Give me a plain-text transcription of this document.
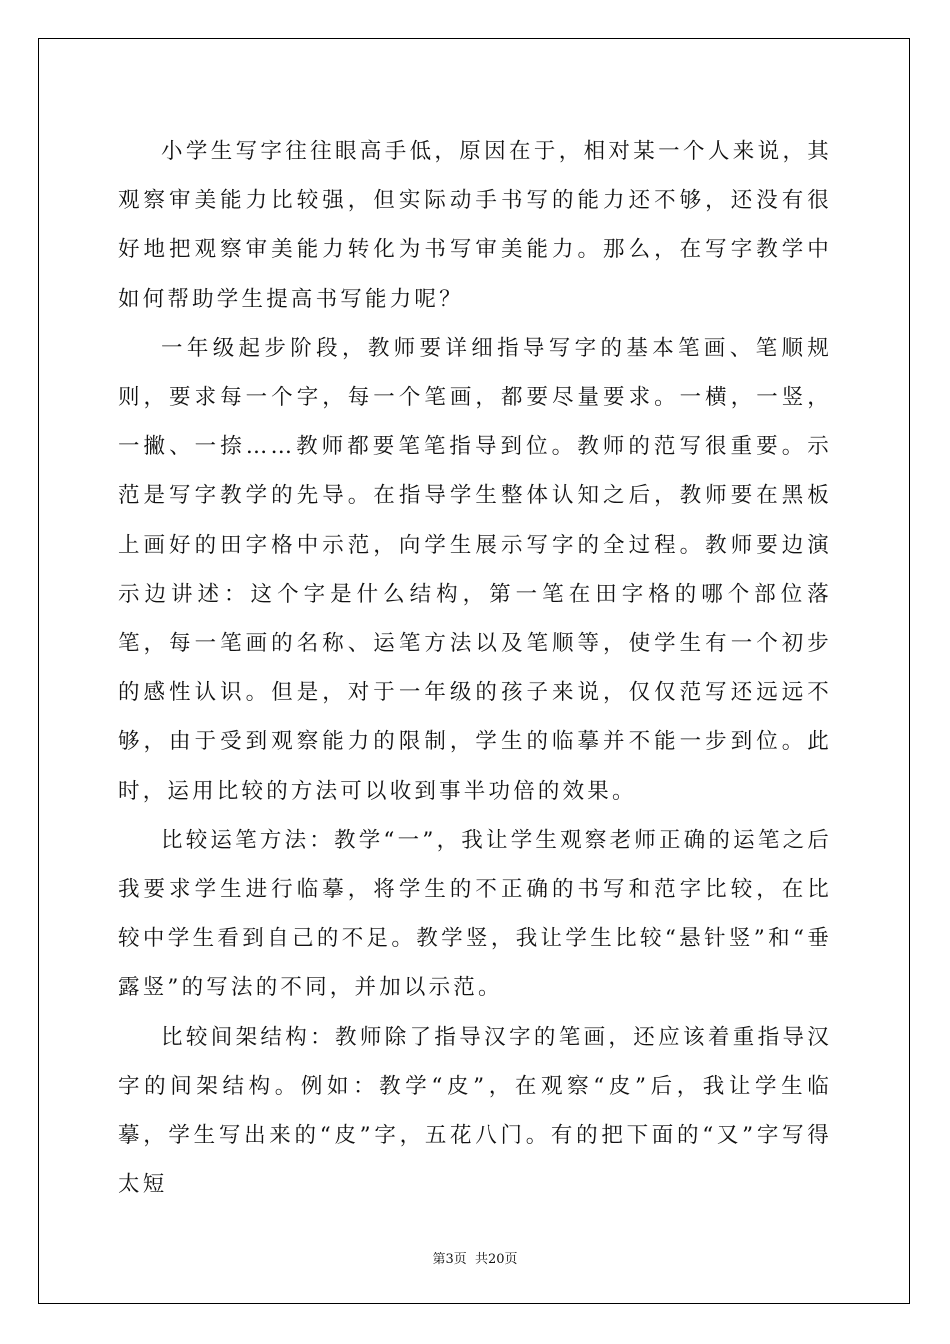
小学生写字往往眼高手低，原因在于，相对某一个人来说，其观察审美能力比较强，但实际动手书写的能力还不够，还没有很好地把观察审美能力转化为书写审美能力。那么，在写字教学中如何帮助学生提高书写能力呢？

一年级起步阶段，教师要详细指导写字的基本笔画、笔顺规则，要求每一个字，每一个笔画，都要尽量要求。一横，一竖，一撇、一捺……教师都要笔笔指导到位。教师的范写很重要。示范是写字教学的先导。在指导学生整体认知之后，教师要在黑板上画好的田字格中示范，向学生展示写字的全过程。教师要边演示边讲述：这个字是什么结构，第一笔在田字格的哪个部位落笔，每一笔画的名称、运笔方法以及笔顺等，使学生有一个初步的感性认识。但是，对于一年级的孩子来说，仅仅范写还远远不够，由于受到观察能力的限制，学生的临摹并不能一步到位。此时，运用比较的方法可以收到事半功倍的效果。

比较运笔方法：教学“一”，我让学生观察老师正确的运笔之后我要求学生进行临摹，将学生的不正确的书写和范字比较，在比较中学生看到自己的不足。教学竖，我让学生比较“悬针竖”和“垂露竖”的写法的不同，并加以示范。

比较间架结构：教师除了指导汉字的笔画，还应该着重指导汉字的间架结构。例如：教学“皮”，在观察“皮”后，我让学生临摹，学生写出来的“皮”字，五花八门。有的把下面的“又”字写得太短

第3页 共20页
